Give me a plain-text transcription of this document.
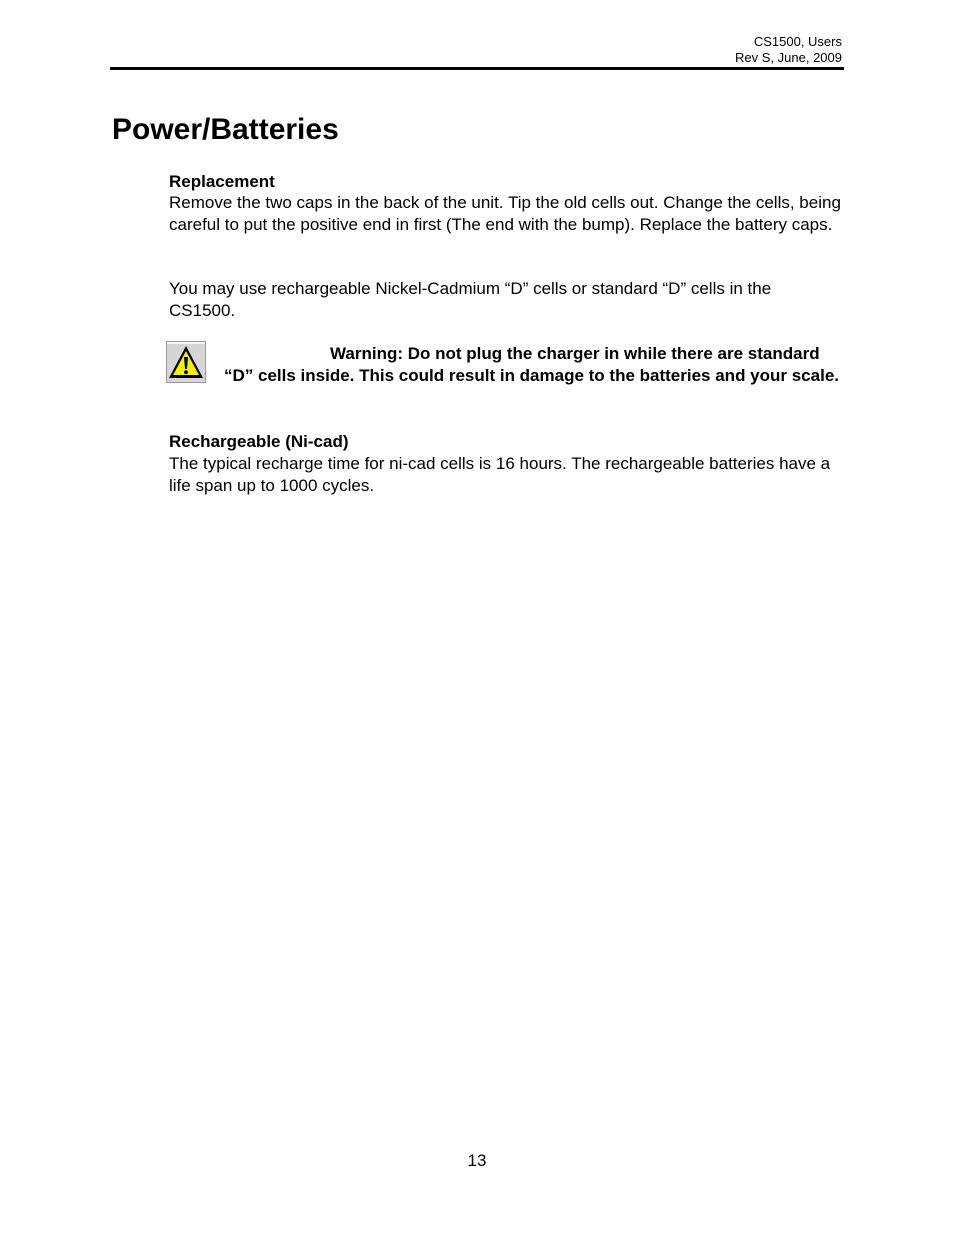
CS1500, Users
Rev S, June, 2009
Power/Batteries
Replacement

Remove the two caps in the back of the unit. Tip the old cells out. Change the cells, being careful to put the positive end in first (The end with the bump). Replace the battery caps.

You may use rechargeable Nickel-Cadmium “D” cells or standard “D” cells in the CS1500.

Warning: Do not plug the charger in while there are standard “D” cells inside. This could result in damage to the batteries and your scale.

Rechargeable (Ni-cad)

The typical recharge time for ni-cad cells is 16 hours. The rechargeable batteries have a life span up to 1000 cycles.

13
